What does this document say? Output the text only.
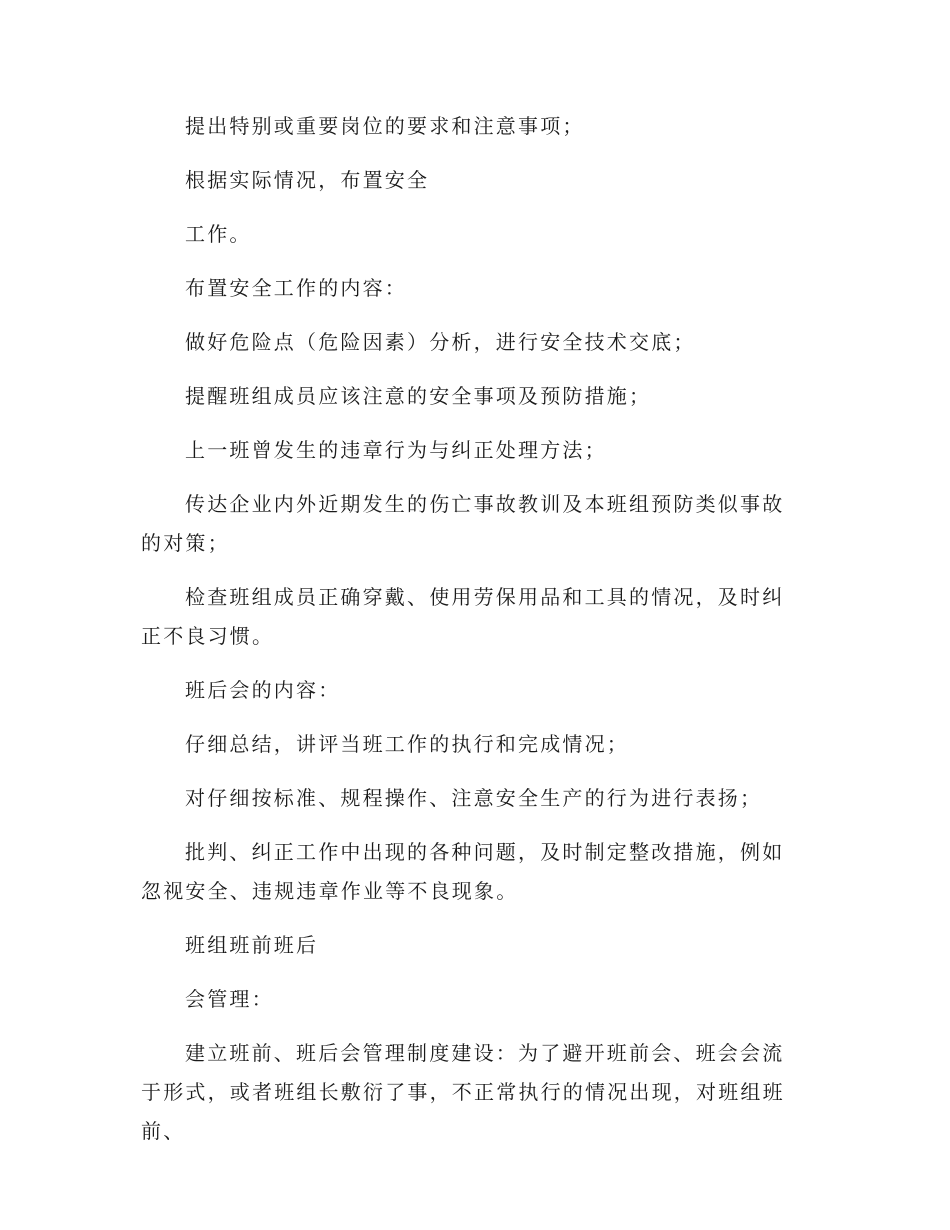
提出特别或重要岗位的要求和注意事项；

根据实际情况，布置安全

工作。

布置安全工作的内容：

做好危险点（危险因素）分析，进行安全技术交底；

提醒班组成员应该注意的安全事项及预防措施；

上一班曾发生的违章行为与纠正处理方法；

传达企业内外近期发生的伤亡事故教训及本班组预防类似事故的对策；

检查班组成员正确穿戴、使用劳保用品和工具的情况，及时纠正不良习惯。

班后会的内容：

仔细总结，讲评当班工作的执行和完成情况；

对仔细按标准、规程操作、注意安全生产的行为进行表扬；

批判、纠正工作中出现的各种问题，及时制定整改措施，例如忽视安全、违规违章作业等不良现象。

班组班前班后

会管理：

建立班前、班后会管理制度建设：为了避开班前会、班会会流于形式，或者班组长敷衍了事，不正常执行的情况出现，对班组班前、
